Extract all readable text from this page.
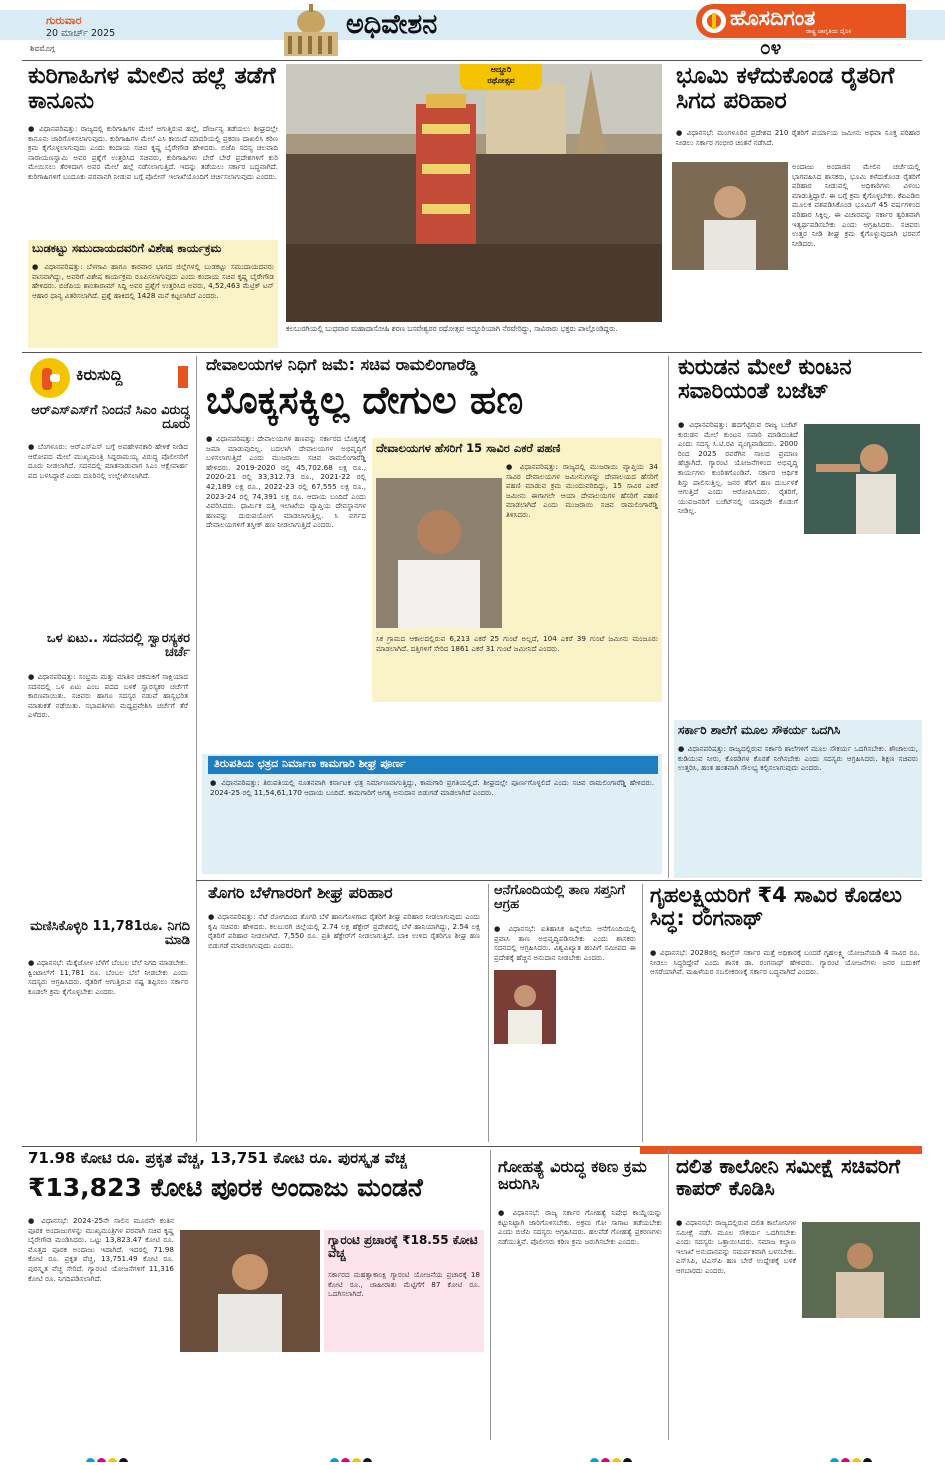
ಗುರುವಾರ
20 ಮಾರ್ಚ್ 2025
ಶಿವಮೊಗ್ಗ
ಅಧಿವೇಶನ	ಹೊಸದಿಗಂತ
ರಾಷ್ಟ್ರ ಜಾಗೃತಿಯ ದೈನಿಕ
೦೪
ಕುರಿಗಾಹಿಗಳ ಮೇಲಿನ ಹಲ್ಲೆ ತಡೆಗೆ ಕಾನೂನು
● ವಿಧಾನಪರಿಷತ್ತು: ರಾಜ್ಯದಲ್ಲಿ ಕುರಿಗಾಹಿಗಳ ಮೇಲೆ ಆಗುತ್ತಿರುವ ಹಲ್ಲೆ, ದೌರ್ಜನ್ಯ ತಡೆಯಲು ಶೀಘ್ರದಲ್ಲೇ ಕಾನೂನು ಜಾರಿಗೊಳಿಸಲಾಗುವುದು. ಕುರಿಗಾಹಿಗಳ ಮೇಲೆ ಎಸಿ ಕಾಯಿದೆ ಮಾದರಿಯಲ್ಲಿ ಪ್ರಕರಣ ದಾಖಲಿಸಿ ಕಠಿಣ ಕ್ರಮ ಕೈಗೊಳ್ಳಲಾಗುವುದು ಎಂದು ಕಂದಾಯ ಸಚಿವ ಕೃಷ್ಣ ಬೈರೇಗೌಡ ಹೇಳಿದರು. ಬಿಜೆಪಿ ಸದಸ್ಯ ಚಲವಾದಿ ನಾರಾಯಣಸ್ವಾಮಿ ಅವರ ಪ್ರಶ್ನೆಗೆ ಉತ್ತರಿಸಿದ ಸಚಿವರು, ಕುರಿಗಾಹಿಗಳು ಬೇರೆ ಬೇರೆ ಪ್ರದೇಶಗಳಿಗೆ ಕುರಿ ಮೇಯಿಸಲು ತೆರಳಿದಾಗ ಅವರ ಮೇಲೆ ಹಲ್ಲೆ ನಡೆಸಲಾಗುತ್ತಿದೆ. ಇದನ್ನು ತಡೆಯಲು ಸರ್ಕಾರ ಬದ್ಧವಾಗಿದೆ. ಕುರಿಗಾಹಿಗಳಿಗೆ ಬಂದೂಕು ಪರವಾನಗಿ ನೀಡುವ ಬಗ್ಗೆ ಪೊಲೀಸ್ ಇಲಾಖೆಯೊಂದಿಗೆ ಚರ್ಚಿಸಲಾಗುವುದು ಎಂದರು.
ಬುಡಕಟ್ಟು ಸಮುದಾಯದವರಿಗೆ ವಿಶೇಷ ಕಾರ್ಯಕ್ರಮ
● ವಿಧಾನಪರಿಷತ್ತು: ಬೆಳಗಾವಿ ಹಾಗೂ ಕಾರವಾರ ಭಾಗದ ಜಿಲ್ಲೆಗಳಲ್ಲಿ ಬುಡಕಟ್ಟು ಸಮುದಾಯದವರು ವಾಸವಾಗಿದ್ದು, ಅವರಿಗೆ ವಿಶೇಷ ಕಾರ್ಯಕ್ರಮ ರೂಪಿಸಲಾಗುವುದು ಎಂದು ಕಂದಾಯ ಸಚಿವ ಕೃಷ್ಣ ಬೈರೇಗೌಡ ಹೇಳಿದರು. ಬಿಜೆಪಿಯ ಶಾಂತಾರಾಮ್ ಸಿದ್ದಿ ಅವರ ಪ್ರಶ್ನೆಗೆ ಉತ್ತರಿಸಿದ ಅವರು, 4,52,463 ಮೆಟ್ರಿಕ್ ಟನ್ ಆಹಾರ ಧಾನ್ಯ ವಿತರಿಸಲಾಗಿದೆ. ಪ್ರಶ್ನೆ ಹಾಕಿದಲ್ಲಿ 1428 ಮನೆ ಕಟ್ಟಲಾಗಿದೆ ಎಂದರು.
ಅದ್ದೂರಿ
ರಥೋತ್ಸವ
ಕಲಬುರಗಿಯಲ್ಲಿ ಬುಧವಾರ ಮಹಾದಾಸೋಹಿ ಶರಣ ಬಸವೇಶ್ವರರ ರಥೋತ್ಸವ ಅದ್ದೂರಿಯಾಗಿ ನೆರವೇರಿದ್ದು, ಸಾವಿರಾರು ಭಕ್ತರು ಪಾಲ್ಗೊಂಡಿದ್ದರು.
ಭೂಮಿ ಕಳೆದುಕೊಂಡ ರೈತರಿಗೆ ಸಿಗದ ಪರಿಹಾರ
● ವಿಧಾನಸಭೆ: ಮಂಗಳೂರಿನ ಪ್ರದೇಶದ 210 ರೈತರಿಗೆ ಪರ್ಯಾಯ ಜಮೀನು ಅಥವಾ ಸೂಕ್ತ ಪರಿಹಾರ ನೀಡಲು ಸರ್ಕಾರ ಗಂಭೀರ ಚಿಂತನೆ ನಡೆಸಿದೆ.
ಅಂದಾಜು ಅಂದಾಜಿನ ಮೇಲಿನ ಚರ್ಚೆಯಲ್ಲಿ ಭಾಗವಹಿಸಿದ ಶಾಸಕರು, ಭೂಮಿ ಕಳೆದುಕೊಂಡ ರೈತರಿಗೆ ಪರಿಹಾರ ನೀಡುವಲ್ಲಿ ಅಧಿಕಾರಿಗಳು ವಿಳಂಬ ಮಾಡುತ್ತಿದ್ದಾರೆ. ಈ ಬಗ್ಗೆ ಕ್ರಮ ಕೈಗೊಳ್ಳಬೇಕು. ಕೆಐಎಡಿಬಿ ಮೂಲಕ ವಶಪಡಿಸಿಕೊಂಡ ಭೂಮಿಗೆ 45 ವರ್ಷಗಳಿಂದ ಪರಿಹಾರ ಸಿಕ್ಕಿಲ್ಲ. ಈ ವಿಚಾರವನ್ನು ಸರ್ಕಾರ ತ್ವರಿತವಾಗಿ ಇತ್ಯರ್ಥಪಡಿಸಬೇಕು ಎಂದು ಆಗ್ರಹಿಸಿದರು. ಸಚಿವರು ಉತ್ತರ ನೀಡಿ ಶೀಘ್ರ ಕ್ರಮ ಕೈಗೊಳ್ಳುವುದಾಗಿ ಭರವಸೆ ನೀಡಿದರು.
ಕಿರುಸುದ್ದಿ
ಆರ್‌ಎಸ್‌ಎಸ್‌ಗೆ ನಿಂದನೆ ಸಿಎಂ ವಿರುದ್ಧ ದೂರು
● ಬೆಂಗಳೂರು: ಆರ್‌ಎಸ್‌ಎಸ್‌ ಬಗ್ಗೆ ಅವಹೇಳನಕಾರಿ ಹೇಳಿಕೆ ನೀಡಿದ ಆರೋಪದ ಮೇಲೆ ಮುಖ್ಯಮಂತ್ರಿ ಸಿದ್ದರಾಮಯ್ಯ ವಿರುದ್ಧ ಪೊಲೀಸರಿಗೆ ದೂರು ನೀಡಲಾಗಿದೆ. ಸದನದಲ್ಲಿ ಮಾತನಾಡುವಾಗ ಸಿಎಂ ಆಕ್ಷೇಪಾರ್ಹ ಪದ ಬಳಸಿದ್ದಾರೆ ಎಂದು ದೂರಿನಲ್ಲಿ ಉಲ್ಲೇಖಿಸಲಾಗಿದೆ.
ಒಳ ಏಟು.. ಸದನದಲ್ಲಿ ಸ್ವಾರಸ್ಯಕರ ಚರ್ಚೆ
● ವಿಧಾನಪರಿಷತ್ತು: ಸಂಭ್ರಮ ಮತ್ತು ಮಾತಿನ ಚಕಮಕಿಗೆ ಸಾಕ್ಷಿಯಾದ ಸದನದಲ್ಲಿ ಒಳ ಏಟು ಎಂಬ ಪದದ ಬಳಕೆ ಸ್ವಾರಸ್ಯಕರ ಚರ್ಚೆಗೆ ಕಾರಣವಾಯಿತು. ಸಚಿವರು ಹಾಗೂ ಸದಸ್ಯರ ನಡುವೆ ಹಾಸ್ಯಭರಿತ ಮಾತುಕತೆ ನಡೆಯಿತು. ಸಭಾಪತಿಗಳು ಮಧ್ಯಪ್ರವೇಶಿಸಿ ಚರ್ಚೆಗೆ ತೆರೆ ಎಳೆದರು.
ಮಣಿಸಿಕೊಳ್ಳಿರಿ 11,781ರೂ. ನಿಗದಿ ಮಾಡಿ
● ವಿಧಾನಸಭೆ: ಮೆಕ್ಕೆಜೋಳ ಬೆಳೆಗೆ ಬೆಂಬಲ ಬೆಲೆ ನಿಗದಿ ಮಾಡಬೇಕು. ಕ್ವಿಂಟಾಲ್‌ಗೆ 11,781 ರೂ. ಬೆಂಬಲ ಬೆಲೆ ನೀಡಬೇಕು ಎಂದು ಸದಸ್ಯರು ಆಗ್ರಹಿಸಿದರು. ರೈತರಿಗೆ ಆಗುತ್ತಿರುವ ನಷ್ಟ ತಪ್ಪಿಸಲು ಸರ್ಕಾರ ಕೂಡಲೇ ಕ್ರಮ ಕೈಗೊಳ್ಳಬೇಕು ಎಂದರು.
ದೇವಾಲಯಗಳ ನಿಧಿಗೆ ಜಮೆ: ಸಚಿವ ರಾಮಲಿಂಗಾರೆಡ್ಡಿ
ಬೊಕ್ಕಸಕ್ಕಿಲ್ಲ ದೇಗುಲ ಹಣ
● ವಿಧಾನಪರಿಷತ್ತು: ದೇವಾಲಯಗಳ ಹಣವನ್ನು ಸರ್ಕಾರದ ಬೊಕ್ಕಸಕ್ಕೆ ಜಮಾ ಮಾಡುವುದಿಲ್ಲ. ಬದಲಾಗಿ ದೇವಾಲಯಗಳ ಅಭಿವೃದ್ಧಿಗೆ ಬಳಸಲಾಗುತ್ತಿದೆ ಎಂದು ಮುಜರಾಯಿ ಸಚಿವ ರಾಮಲಿಂಗಾರೆಡ್ಡಿ ಹೇಳಿದರು. 2019-2020 ರಲ್ಲಿ 45,702.68 ಲಕ್ಷ ರೂ., 2020-21 ರಲ್ಲಿ 33,312.73 ರೂ., 2021-22 ರಲ್ಲಿ 42,189 ಲಕ್ಷ ರೂ., 2022-23 ರಲ್ಲಿ 67,555 ಲಕ್ಷ ರೂ., 2023-24 ರಲ್ಲಿ 74,391 ಲಕ್ಷ ರೂ. ಆದಾಯ ಬಂದಿದೆ ಎಂದು ವಿವರಿಸಿದರು. ಧಾರ್ಮಿಕ ದತ್ತಿ ಇಲಾಖೆಯ ವ್ಯಾಪ್ತಿಯ ದೇವಸ್ಥಾನಗಳ ಹಣವನ್ನು ದುರುಪಯೋಗ ಮಾಡಲಾಗುತ್ತಿಲ್ಲ. ಸಿ ವರ್ಗದ ದೇವಾಲಯಗಳಿಗೆ ತಸ್ತೀಕ್ ಹಣ ನೀಡಲಾಗುತ್ತಿದೆ ಎಂದರು.
ದೇವಾಲಯಗಳ ಹೆಸರಿಗೆ 15 ಸಾವಿರ ಎಕರೆ ಪಹಣಿ
● ವಿಧಾನಪರಿಷತ್ತು: ರಾಜ್ಯದಲ್ಲಿ ಮುಜರಾಯಿ ವ್ಯಾಪ್ತಿಯ 34 ಸಾವಿರ ದೇವಾಲಯಗಳ ಜಮೀನುಗಳನ್ನು ದೇವಾಲಯದ ಹೆಸರಿಗೆ ಪಹಣಿ ಮಾಡುವ ಕ್ರಮ ಮುಂದುವರಿದಿದ್ದು, 15 ಸಾವಿರ ಎಕರೆ ಜಮೀನು ಈಗಾಗಲೇ ಆಯಾ ದೇವಾಲಯಗಳ ಹೆಸರಿಗೆ ಪಹಣಿ ಮಾಡಲಾಗಿದೆ ಎಂದು ಮುಜರಾಯಿ ಸಚಿವ ರಾಮಲಿಂಗಾರೆಡ್ಡಿ ತಿಳಿಸಿದರು.
ಸಿಕ ಗ್ರಾಮದ ಆಕಾಲದಲ್ಲಿರುವ 6,213 ಎಕರೆ 25 ಗುಂಟೆ ಅಲ್ಲದೆ, 104 ಎಕರೆ 39 ಗುಂಟೆ ಜಮೀನು ಮಂಜೂರು ಮಾಡಲಾಗಿದೆ. ದತ್ತಿಗಳಿಗೆ ಸೇರಿದ 1861 ಎಕರೆ 31 ಗುಂಟೆ ಜಮೀನಿದೆ ಎಂದರು.
ತಿರುಪತಿಯ ಛತ್ರದ ನಿರ್ಮಾಣ ಕಾಮಗಾರಿ ಶೀಘ್ರ ಪೂರ್ಣ
● ವಿಧಾನಪರಿಷತ್ತು: ತಿರುಪತಿಯಲ್ಲಿ ನೂತನವಾಗಿ ಕರ್ನಾಟಕ ಛತ್ರ ನಿರ್ಮಾಣವಾಗುತ್ತಿದ್ದು, ಕಾಮಗಾರಿ ಪ್ರಗತಿಯಲ್ಲಿದೆ. ಶೀಘ್ರದಲ್ಲೇ ಪೂರ್ಣಗೊಳ್ಳಲಿದೆ ಎಂದು ಸಚಿವ ರಾಮಲಿಂಗಾರೆಡ್ಡಿ ಹೇಳಿದರು. 2024-25 ರಲ್ಲಿ 11,54,61,170 ಆದಾಯ ಬಂದಿದೆ. ಕಾಮಗಾರಿಗೆ ಅಗತ್ಯ ಅನುದಾನ ಬಿಡುಗಡೆ ಮಾಡಲಾಗಿದೆ ಎಂದರು.
ಕುರುಡನ ಮೇಲೆ ಕುಂಟನ ಸವಾರಿಯಂತೆ ಬಜೆಟ್
● ವಿಧಾನಪರಿಷತ್ತು: ಹದಗೆಟ್ಟಿರುವ ರಾಜ್ಯ ಬಜೆಟ್ ಕುರುಡನ ಮೇಲೆ ಕುಂಟನ ಸವಾರಿ ಮಾಡಿದಂತಿದೆ ಎಂದು ಸದಸ್ಯ ಸಿ.ಟಿ.ರವಿ ವ್ಯಂಗ್ಯವಾಡಿದರು. 2000 ರಿಂದ 2025 ರವರೆಗಿನ ಸಾಲದ ಪ್ರಮಾಣ ಹೆಚ್ಚಾಗಿದೆ. ಗ್ಯಾರಂಟಿ ಯೋಜನೆಗಳಿಂದ ಅಭಿವೃದ್ಧಿ ಕಾರ್ಯಗಳು ಕುಂಠಿತಗೊಂಡಿವೆ. ಸರ್ಕಾರ ಆರ್ಥಿಕ ಶಿಸ್ತು ಪಾಲಿಸುತ್ತಿಲ್ಲ. ಜನರ ತೆರಿಗೆ ಹಣ ದುರ್ಬಳಕೆ ಆಗುತ್ತಿದೆ ಎಂದು ಆರೋಪಿಸಿದರು. ರೈತರಿಗೆ, ಯುವಜನರಿಗೆ ಬಜೆಟ್‌ನಲ್ಲಿ ಯಾವುದೇ ಕೊಡುಗೆ ನೀಡಿಲ್ಲ.
ಸರ್ಕಾರಿ ಶಾಲೆಗೆ ಮೂಲ ಸೌಕರ್ಯ ಒದಗಿಸಿ
● ವಿಧಾನಪರಿಷತ್ತು: ರಾಜ್ಯದಲ್ಲಿರುವ ಸರ್ಕಾರಿ ಶಾಲೆಗಳಿಗೆ ಮೂಲ ಸೌಕರ್ಯ ಒದಗಿಸಬೇಕು. ಶೌಚಾಲಯ, ಕುಡಿಯುವ ನೀರು, ಕೊಠಡಿಗಳ ಕೊರತೆ ನೀಗಿಸಬೇಕು ಎಂದು ಸದಸ್ಯರು ಆಗ್ರಹಿಸಿದರು. ಶಿಕ್ಷಣ ಸಚಿವರು ಉತ್ತರಿಸಿ, ಹಂತ ಹಂತವಾಗಿ ಸೌಲಭ್ಯ ಕಲ್ಪಿಸಲಾಗುವುದು ಎಂದರು.
ತೊಗರಿ ಬೆಳೆಗಾರರಿಗೆ ಶೀಘ್ರ ಪರಿಹಾರ
● ವಿಧಾನಪರಿಷತ್ತು: ನೆಟೆ ರೋಗದಿಂದ ತೊಗರಿ ಬೆಳೆ ಹಾನಿಗೊಳಗಾದ ರೈತರಿಗೆ ಶೀಘ್ರ ಪರಿಹಾರ ನೀಡಲಾಗುವುದು ಎಂದು ಕೃಷಿ ಸಚಿವರು ಹೇಳಿದರು. ಕಲಬುರಗಿ ಜಿಲ್ಲೆಯಲ್ಲಿ 2.74 ಲಕ್ಷ ಹೆಕ್ಟೇರ್ ಪ್ರದೇಶದಲ್ಲಿ ಬೆಳೆ ಹಾನಿಯಾಗಿದ್ದು, 2.54 ಲಕ್ಷ ರೈತರಿಗೆ ಪರಿಹಾರ ನೀಡಲಾಗಿದೆ. 7,550 ರೂ. ಪ್ರತಿ ಹೆಕ್ಟೇರ್‌ಗೆ ನೀಡಲಾಗುತ್ತಿದೆ. ಬಾಕಿ ಉಳಿದ ರೈತರಿಗೂ ಶೀಘ್ರ ಹಣ ಬಿಡುಗಡೆ ಮಾಡಲಾಗುವುದು ಎಂದರು.
ಆನೆಗೊಂದಿಯಲ್ಲಿ ತಾಣ ಸಪ್ತನಿಗೆ ಆಗ್ರಹ
● ವಿಧಾನಸಭೆ: ಐತಿಹಾಸಿಕ ಹಿನ್ನೆಲೆಯ ಆನೆಗೊಂದಿಯಲ್ಲಿ ಪ್ರವಾಸಿ ತಾಣ ಅಭಿವೃದ್ಧಿಪಡಿಸಬೇಕು ಎಂದು ಶಾಸಕರು ಸದನದಲ್ಲಿ ಆಗ್ರಹಿಸಿದರು. ವಿಶ್ವವಿಖ್ಯಾತ ಹಂಪಿಗೆ ಸಮೀಪದ ಈ ಪ್ರದೇಶಕ್ಕೆ ಹೆಚ್ಚಿನ ಅನುದಾನ ನೀಡಬೇಕು ಎಂದರು.
ಗೃಹಲಕ್ಷ್ಮಿಯರಿಗೆ ₹4 ಸಾವಿರ ಕೊಡಲು ಸಿದ್ಧ: ರಂಗನಾಥ್
● ವಿಧಾನಸಭೆ: 2028ರಲ್ಲಿ ಕಾಂಗ್ರೆಸ್ ಸರ್ಕಾರ ಮತ್ತೆ ಅಧಿಕಾರಕ್ಕೆ ಬಂದರೆ ಗೃಹಲಕ್ಷ್ಮಿ ಯೋಜನೆಯಡಿ 4 ಸಾವಿರ ರೂ. ನೀಡಲು ಸಿದ್ಧರಿದ್ದೇವೆ ಎಂದು ಶಾಸಕ ಡಾ. ರಂಗನಾಥ್ ಹೇಳಿದರು. ಗ್ಯಾರಂಟಿ ಯೋಜನೆಗಳು ಜನರ ಬದುಕಿಗೆ ಆಸರೆಯಾಗಿವೆ. ಮಹಿಳೆಯರ ಸಬಲೀಕರಣಕ್ಕೆ ಸರ್ಕಾರ ಬದ್ಧವಾಗಿದೆ ಎಂದರು.
71.98 ಕೋಟಿ ರೂ. ಪ್ರಕೃತ ವೆಚ್ಚ, 13,751 ಕೋಟಿ ರೂ. ಪುರಸ್ಕೃತ ವೆಚ್ಚ
₹13,823 ಕೋಟಿ ಪೂರಕ ಅಂದಾಜು ಮಂಡನೆ
● ವಿಧಾನಸಭೆ: 2024-25ನೇ ಸಾಲಿನ ಮೂರನೇ ಕಂತಿನ ಪೂರಕ ಅಂದಾಜುಗಳನ್ನು ಮುಖ್ಯಮಂತ್ರಿಗಳ ಪರವಾಗಿ ಸಚಿವ ಕೃಷ್ಣ ಬೈರೇಗೌಡ ಮಂಡಿಸಿದರು. ಒಟ್ಟು 13,823.47 ಕೋಟಿ ರೂ. ಮೊತ್ತದ ಪೂರಕ ಅಂದಾಜು ಇದಾಗಿದೆ. ಇದರಲ್ಲಿ 71.98 ಕೋಟಿ ರೂ. ಪ್ರಕೃತ ವೆಚ್ಚ, 13,751.49 ಕೋಟಿ ರೂ. ಪುರಸ್ಕೃತ ವೆಚ್ಚ ಸೇರಿದೆ. ಗ್ಯಾರಂಟಿ ಯೋಜನೆಗಳಿಗೆ 11,316 ಕೋಟಿ ರೂ. ನಿಗದಿಪಡಿಸಲಾಗಿದೆ.
ಗ್ಯಾರಂಟಿ ಪ್ರಚಾರಕ್ಕೆ ₹18.55 ಕೋಟಿ ವೆಚ್ಚ
ಸರ್ಕಾರದ ಮಹತ್ವಾಕಾಂಕ್ಷಿ ಗ್ಯಾರಂಟಿ ಯೋಜನೆಯ ಪ್ರಚಾರಕ್ಕೆ 18 ಕೋಟಿ ರೂ., ಜಾಹೀರಾತು ಮೆಟ್ಟಿಗೆಗೆ 87 ಕೋಟಿ ರೂ. ಒದಗಿಸಲಾಗಿದೆ.
ಗೋಹತ್ಯೆ ವಿರುದ್ಧ ಕಠಿಣ ಕ್ರಮ ಜರುಗಿಸಿ
● ವಿಧಾನಸಭೆ: ರಾಜ್ಯ ಸರ್ಕಾರ ಗೋಹತ್ಯೆ ನಿಷೇಧ ಕಾಯ್ದೆಯನ್ನು ಕಟ್ಟುನಿಟ್ಟಾಗಿ ಜಾರಿಗೊಳಿಸಬೇಕು. ಅಕ್ರಮ ಗೋ ಸಾಗಾಟ ತಡೆಯಬೇಕು ಎಂದು ಬಿಜೆಪಿ ಸದಸ್ಯರು ಆಗ್ರಹಿಸಿದರು. ಹಲವೆಡೆ ಗೋಹತ್ಯೆ ಪ್ರಕರಣಗಳು ನಡೆಯುತ್ತಿವೆ. ಪೊಲೀಸರು ಕಠಿಣ ಕ್ರಮ ಜರುಗಿಸಬೇಕು ಎಂದರು.
ದಲಿತ ಕಾಲೋನಿ ಸಮೀಕ್ಷೆ ಸಚಿವರಿಗೆ ಕಾಪರ್ ಕೊಡಿಸಿ
● ವಿಧಾನಸಭೆ: ರಾಜ್ಯದಲ್ಲಿರುವ ದಲಿತ ಕಾಲೋನಿಗಳ ಸಮೀಕ್ಷೆ ನಡೆಸಿ ಮೂಲ ಸೌಕರ್ಯ ಒದಗಿಸಬೇಕು ಎಂದು ಸದಸ್ಯರು ಒತ್ತಾಯಿಸಿದರು. ಸಮಾಜ ಕಲ್ಯಾಣ ಇಲಾಖೆ ಅನುದಾನವನ್ನು ಸಮರ್ಪಕವಾಗಿ ಬಳಸಬೇಕು. ಎಸ್‌ಸಿಪಿ, ಟಿಎಸ್‌ಪಿ ಹಣ ಬೇರೆ ಉದ್ದೇಶಕ್ಕೆ ಬಳಕೆ ಆಗಬಾರದು ಎಂದರು.
